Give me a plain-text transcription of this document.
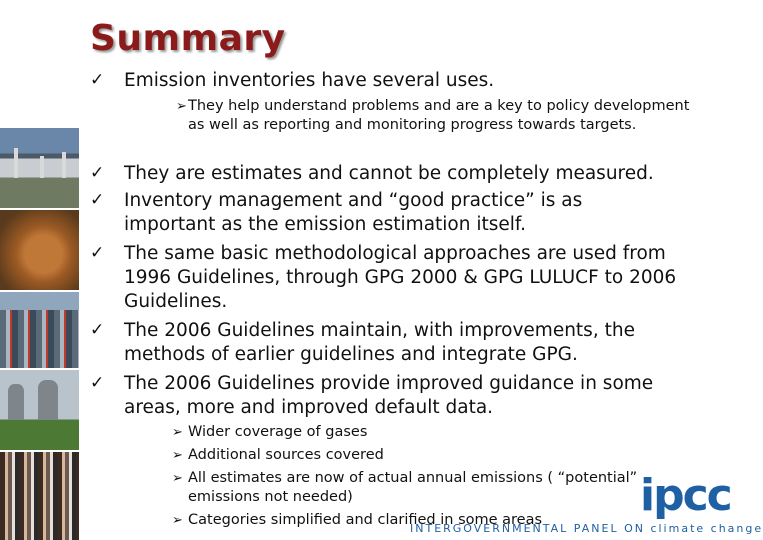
Summary
✓ Emission inventories have several uses.
➢ They help understand problems and are a key to policy development as well as reporting and monitoring progress towards targets.
✓ They are estimates and cannot be completely measured.
✓ Inventory management and “good practice” is as important as the emission estimation itself.
✓ The same basic methodological approaches are used from 1996 Guidelines, through GPG 2000 & GPG LULUCF to 2006 Guidelines.
✓ The 2006 Guidelines maintain, with improvements, the methods of earlier guidelines and integrate GPG.
✓ The 2006 Guidelines provide improved guidance in some areas, more and improved default data.
➢ Wider coverage of gases
➢ Additional sources covered
➢ All estimates are now of actual annual emissions ( “potential” emissions not needed)
➢ Categories simplified and clarified in some areas ipcc
INTERGOVERNMENTAL PANEL ON climate change
